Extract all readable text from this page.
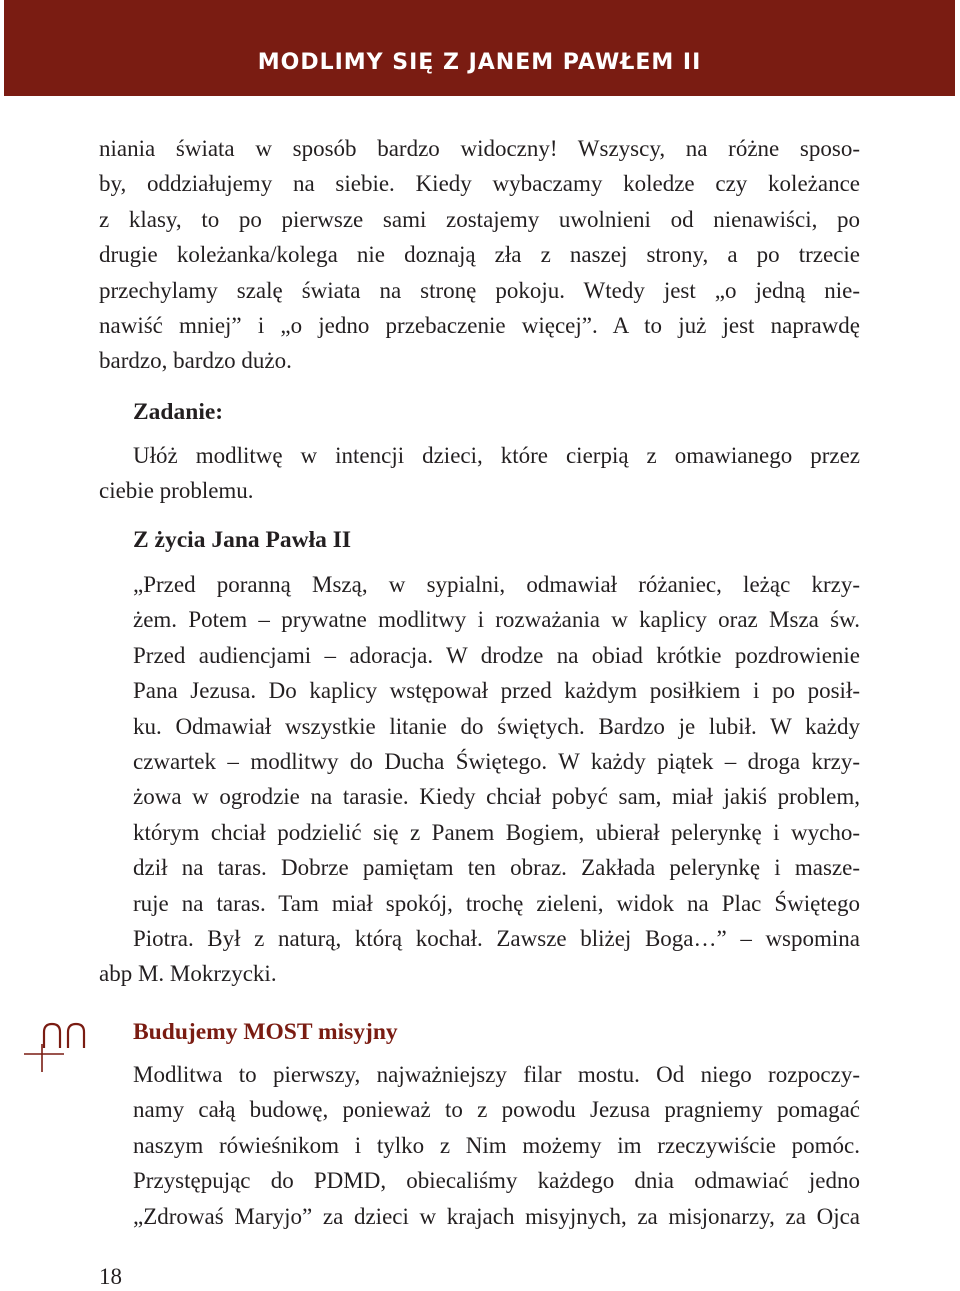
MODLIMY SIĘ Z JANEM PAWŁEM II

niania świata w sposób bardzo widoczny! Wszyscy, na różne sposo-
by, oddziałujemy na siebie. Kiedy wybaczamy koledze czy koleżance
z klasy, to po pierwsze sami zostajemy uwolnieni od nienawiści, po
drugie koleżanka/kolega nie doznają zła z naszej strony, a po trzecie
przechylamy szalę świata na stronę pokoju. Wtedy jest „o jedną nie-
nawiść mniej” i „o jedno przebaczenie więcej”. A to już jest naprawdę
bardzo, bardzo dużo.

Zadanie:

Ułóż modlitwę w intencji dzieci, które cierpią z omawianego przez
ciebie problemu.

Z życia Jana Pawła II

„Przed poranną Mszą, w sypialni, odmawiał różaniec, leżąc krzy-
żem. Potem – prywatne modlitwy i rozważania w kaplicy oraz Msza św.
Przed audiencjami – adoracja. W drodze na obiad krótkie pozdrowienie
Pana Jezusa. Do kaplicy wstępował przed każdym posiłkiem i po posił-
ku. Odmawiał wszystkie litanie do świętych. Bardzo je lubił. W każdy
czwartek – modlitwy do Ducha Świętego. W każdy piątek – droga krzy-
żowa w ogrodzie na tarasie. Kiedy chciał pobyć sam, miał jakiś problem,
którym chciał podzielić się z Panem Bogiem, ubierał pelerynkę i wycho-
dził na taras. Dobrze pamiętam ten obraz. Zakłada pelerynkę i masze-
ruje na taras. Tam miał spokój, trochę zieleni, widok na Plac Świętego
Piotra. Był z naturą, którą kochał. Zawsze bliżej Boga…” – wspomina
abp M. Mokrzycki.

Budujemy MOST misyjny

Modlitwa to pierwszy, najważniejszy filar mostu. Od niego rozpoczy-
namy całą budowę, ponieważ to z powodu Jezusa pragniemy pomagać
naszym rówieśnikom i tylko z Nim możemy im rzeczywiście pomóc.
Przystępując do PDMD, obiecaliśmy każdego dnia odmawiać jedno
„Zdrowaś Maryjo” za dzieci w krajach misyjnych, za misjonarzy, za Ojca

18
